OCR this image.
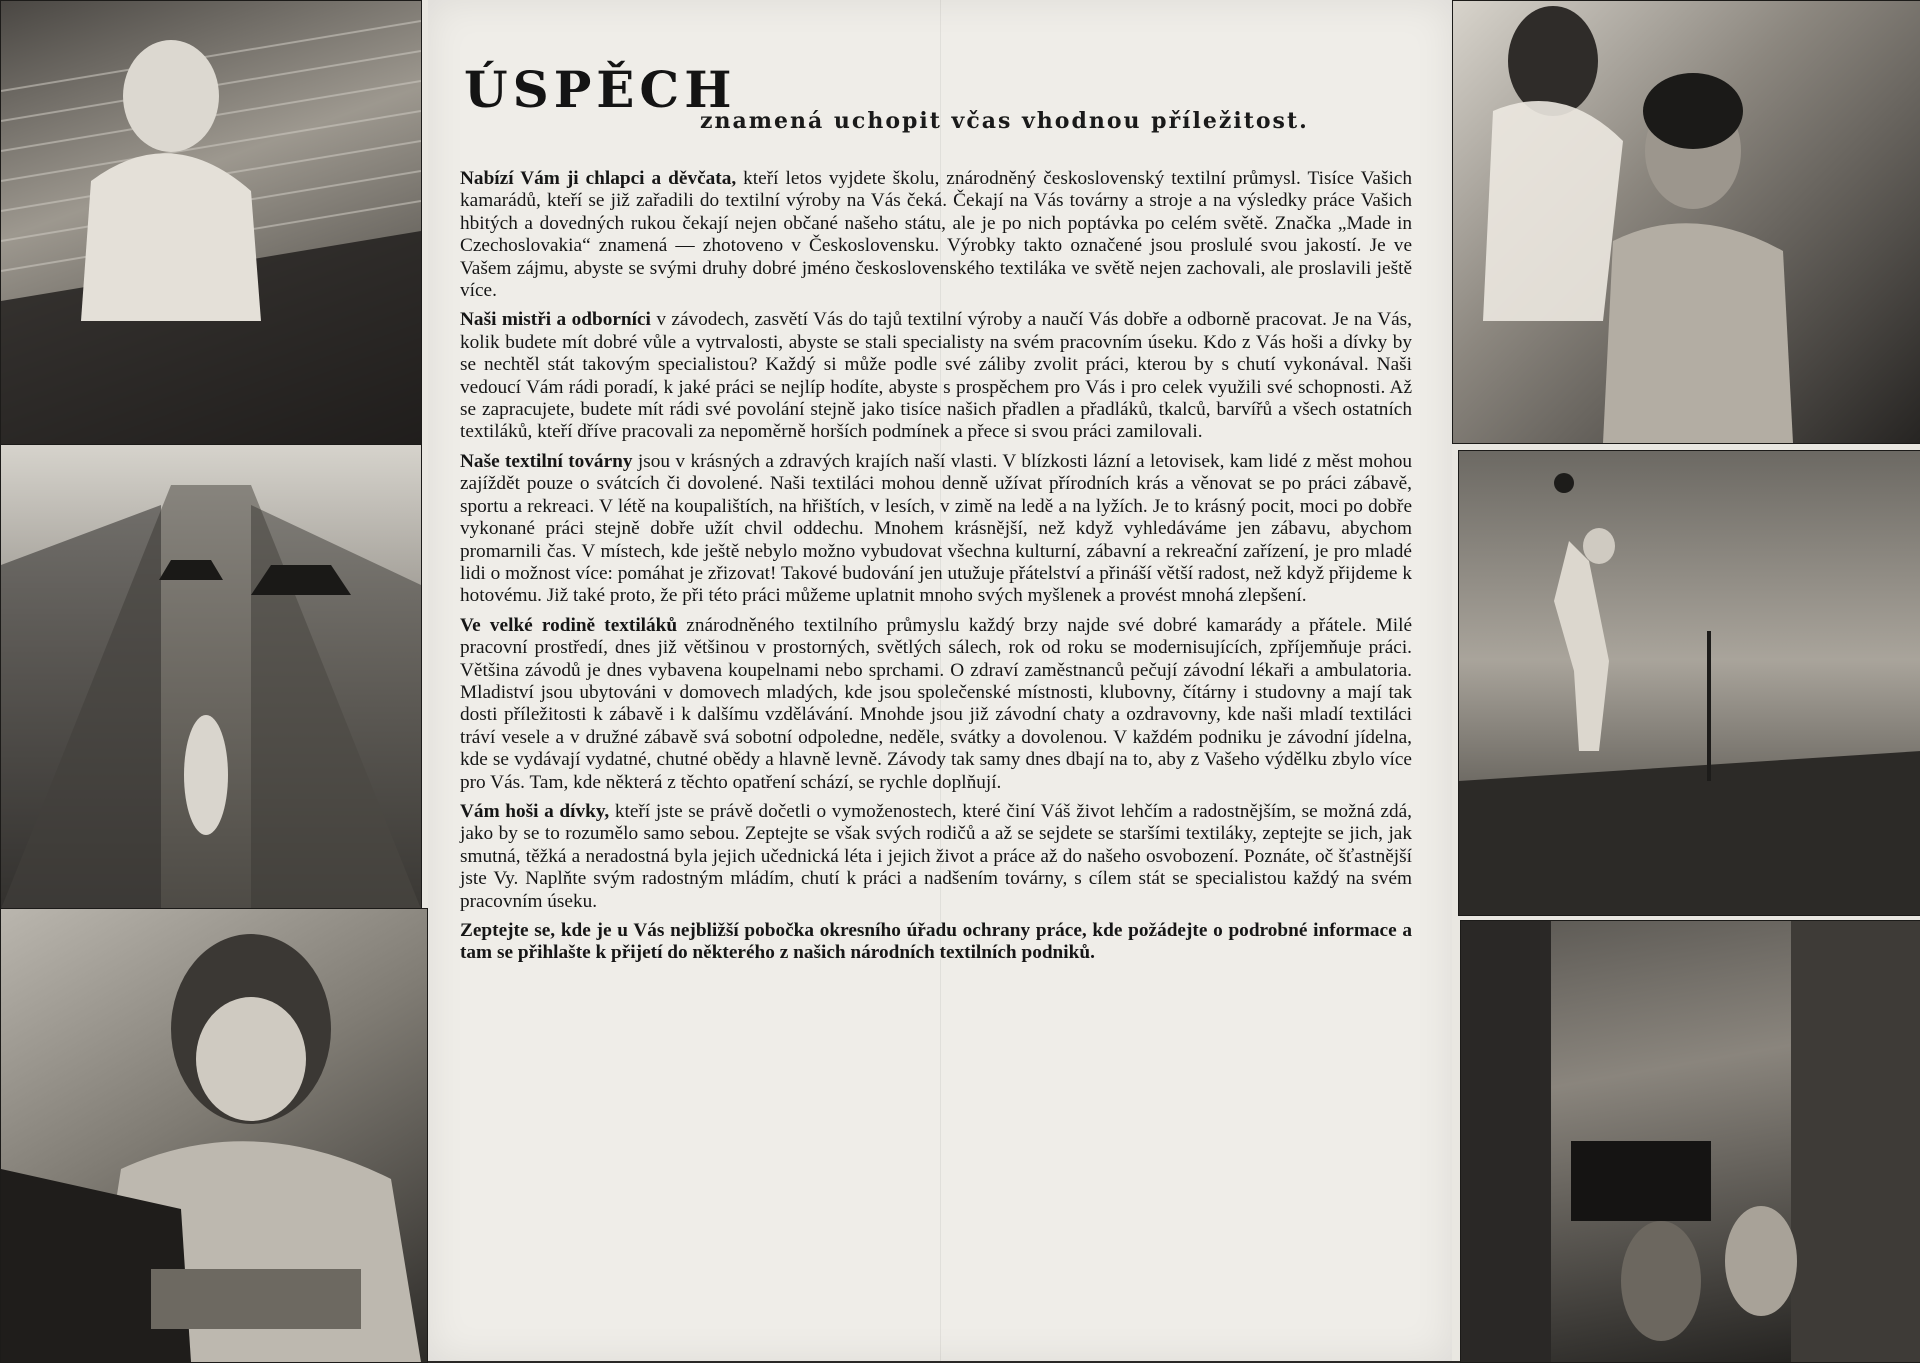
ÚSPĚCH
znamená uchopit včas vhodnou příležitost.

Nabízí Vám ji chlapci a děvčata, kteří letos vyjdete školu, znárodněný československý textilní průmysl. Tisíce Vašich kamarádů, kteří se již zařadili do textilní výroby na Vás čeká. Čekají na Vás továrny a stroje a na výsledky práce Vašich hbitých a dovedných rukou čekají nejen občané našeho státu, ale je po nich poptávka po celém světě. Značka „Made in Czechoslovakia“ znamená — zhotoveno v Československu. Výrobky takto označené jsou proslulé svou jakostí. Je ve Vašem zájmu, abyste se svými druhy dobré jméno československého textiláka ve světě nejen zachovali, ale proslavili ještě více.

Naši mistři a odborníci v závodech, zasvětí Vás do tajů textilní výroby a naučí Vás dobře a odborně pracovat. Je na Vás, kolik budete mít dobré vůle a vytrvalosti, abyste se stali specialisty na svém pracovním úseku. Kdo z Vás hoši a dívky by se nechtěl stát takovým specialistou? Každý si může podle své záliby zvolit práci, kterou by s chutí vykonával. Naši vedoucí Vám rádi poradí, k jaké práci se nejlíp hodíte, abyste s prospěchem pro Vás i pro celek využili své schopnosti. Až se zapracujete, budete mít rádi své povolání stejně jako tisíce našich přadlen a přadláků, tkalců, barvířů a všech ostatních textiláků, kteří dříve pracovali za nepoměrně horších podmínek a přece si svou práci zamilovali.

Naše textilní továrny jsou v krásných a zdravých krajích naší vlasti. V blízkosti lázní a letovisek, kam lidé z měst mohou zajíždět pouze o svátcích či dovolené. Naši textiláci mohou denně užívat přírodních krás a věnovat se po práci zábavě, sportu a rekreaci. V létě na koupalištích, na hřištích, v lesích, v zimě na ledě a na lyžích. Je to krásný pocit, moci po dobře vykonané práci stejně dobře užít chvil oddechu. Mnohem krásnější, než když vyhledáváme jen zábavu, abychom promarnili čas. V místech, kde ještě nebylo možno vybudovat všechna kulturní, zábavní a rekreační zařízení, je pro mladé lidi o možnost více: pomáhat je zřizovat! Takové budování jen utužuje přátelství a přináší větší radost, než když přijdeme k hotovému. Již také proto, že při této práci můžeme uplatnit mnoho svých myšlenek a provést mnohá zlepšení.

Ve velké rodině textiláků znárodněného textilního průmyslu každý brzy najde své dobré kamarády a přátele. Milé pracovní prostředí, dnes již většinou v prostorných, světlých sálech, rok od roku se modernisujících, zpříjemňuje práci. Většina závodů je dnes vybavena koupelnami nebo sprchami. O zdraví zaměstnanců pečují závodní lékaři a ambulatoria. Mladiství jsou ubytováni v domovech mladých, kde jsou společenské místnosti, klubovny, čítárny i studovny a mají tak dosti příležitosti k zábavě i k dalšímu vzdělávání. Mnohde jsou již závodní chaty a ozdravovny, kde naši mladí textiláci tráví vesele a v družné zábavě svá sobotní odpoledne, neděle, svátky a dovolenou. V každém podniku je závodní jídelna, kde se vydávají vydatné, chutné obědy a hlavně levně. Závody tak samy dnes dbají na to, aby z Vašeho výdělku zbylo více pro Vás. Tam, kde některá z těchto opatření schází, se rychle doplňují.

Vám hoši a dívky, kteří jste se právě dočetli o vymoženostech, které činí Váš život lehčím a radostnějším, se možná zdá, jako by se to rozumělo samo sebou. Zeptejte se však svých rodičů a až se sejdete se staršími textiláky, zeptejte se jich, jak smutná, těžká a neradostná byla jejich učednická léta i jejich život a práce až do našeho osvobození. Poznáte, oč šťastnější jste Vy. Naplňte svým radostným mládím, chutí k práci a nadšením továrny, s cílem stát se specialistou každý na svém pracovním úseku.

Zeptejte se, kde je u Vás nejbližší pobočka okresního úřadu ochrany práce, kde požádejte o podrobné informace a tam se přihlašte k přijetí do některého z našich národních textilních podniků.
